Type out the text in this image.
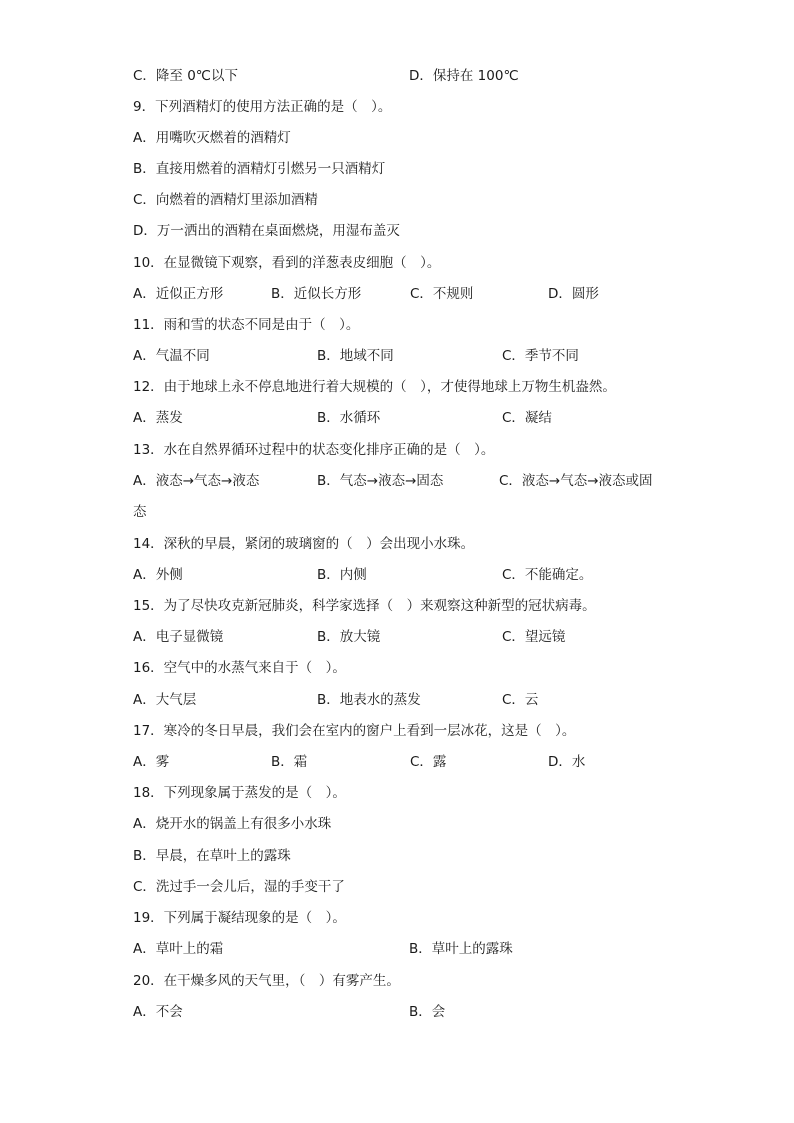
C．降至 0℃以下	D．保持在 100℃
9．下列酒精灯的使用方法正确的是（　）。
A．用嘴吹灭燃着的酒精灯
B．直接用燃着的酒精灯引燃另一只酒精灯
C．向燃着的酒精灯里添加酒精
D．万一洒出的酒精在桌面燃烧，用湿布盖灭
10．在显微镜下观察，看到的洋葱表皮细胞（　）。
A．近似正方形	B．近似长方形	C．不规则	D．圆形
11．雨和雪的状态不同是由于（　）。
A．气温不同	B．地域不同	C．季节不同
12．由于地球上永不停息地进行着大规模的（　），才使得地球上万物生机盎然。
A．蒸发	B．水循环	C．凝结
13．水在自然界循环过程中的状态变化排序正确的是（　）。
A．液态→气态→液态	B．气态→液态→固态	C．液态→气态→液态或固
态
14．深秋的早晨，紧闭的玻璃窗的（　）会出现小水珠。
A．外侧	B．内侧	C．不能确定。
15．为了尽快攻克新冠肺炎，科学家选择（　）来观察这种新型的冠状病毒。
A．电子显微镜	B．放大镜	C．望远镜
16．空气中的水蒸气来自于（　）。
A．大气层	B．地表水的蒸发	C．云
17．寒冷的冬日早晨，我们会在室内的窗户上看到一层冰花，这是（　）。
A．雾	B．霜	C．露	D．水
18．下列现象属于蒸发的是（　）。
A．烧开水的锅盖上有很多小水珠
B．早晨，在草叶上的露珠
C．洗过手一会儿后，湿的手变干了
19．下列属于凝结现象的是（　）。
A．草叶上的霜	B．草叶上的露珠
20．在干燥多风的天气里，（　）有雾产生。
A．不会	B．会
